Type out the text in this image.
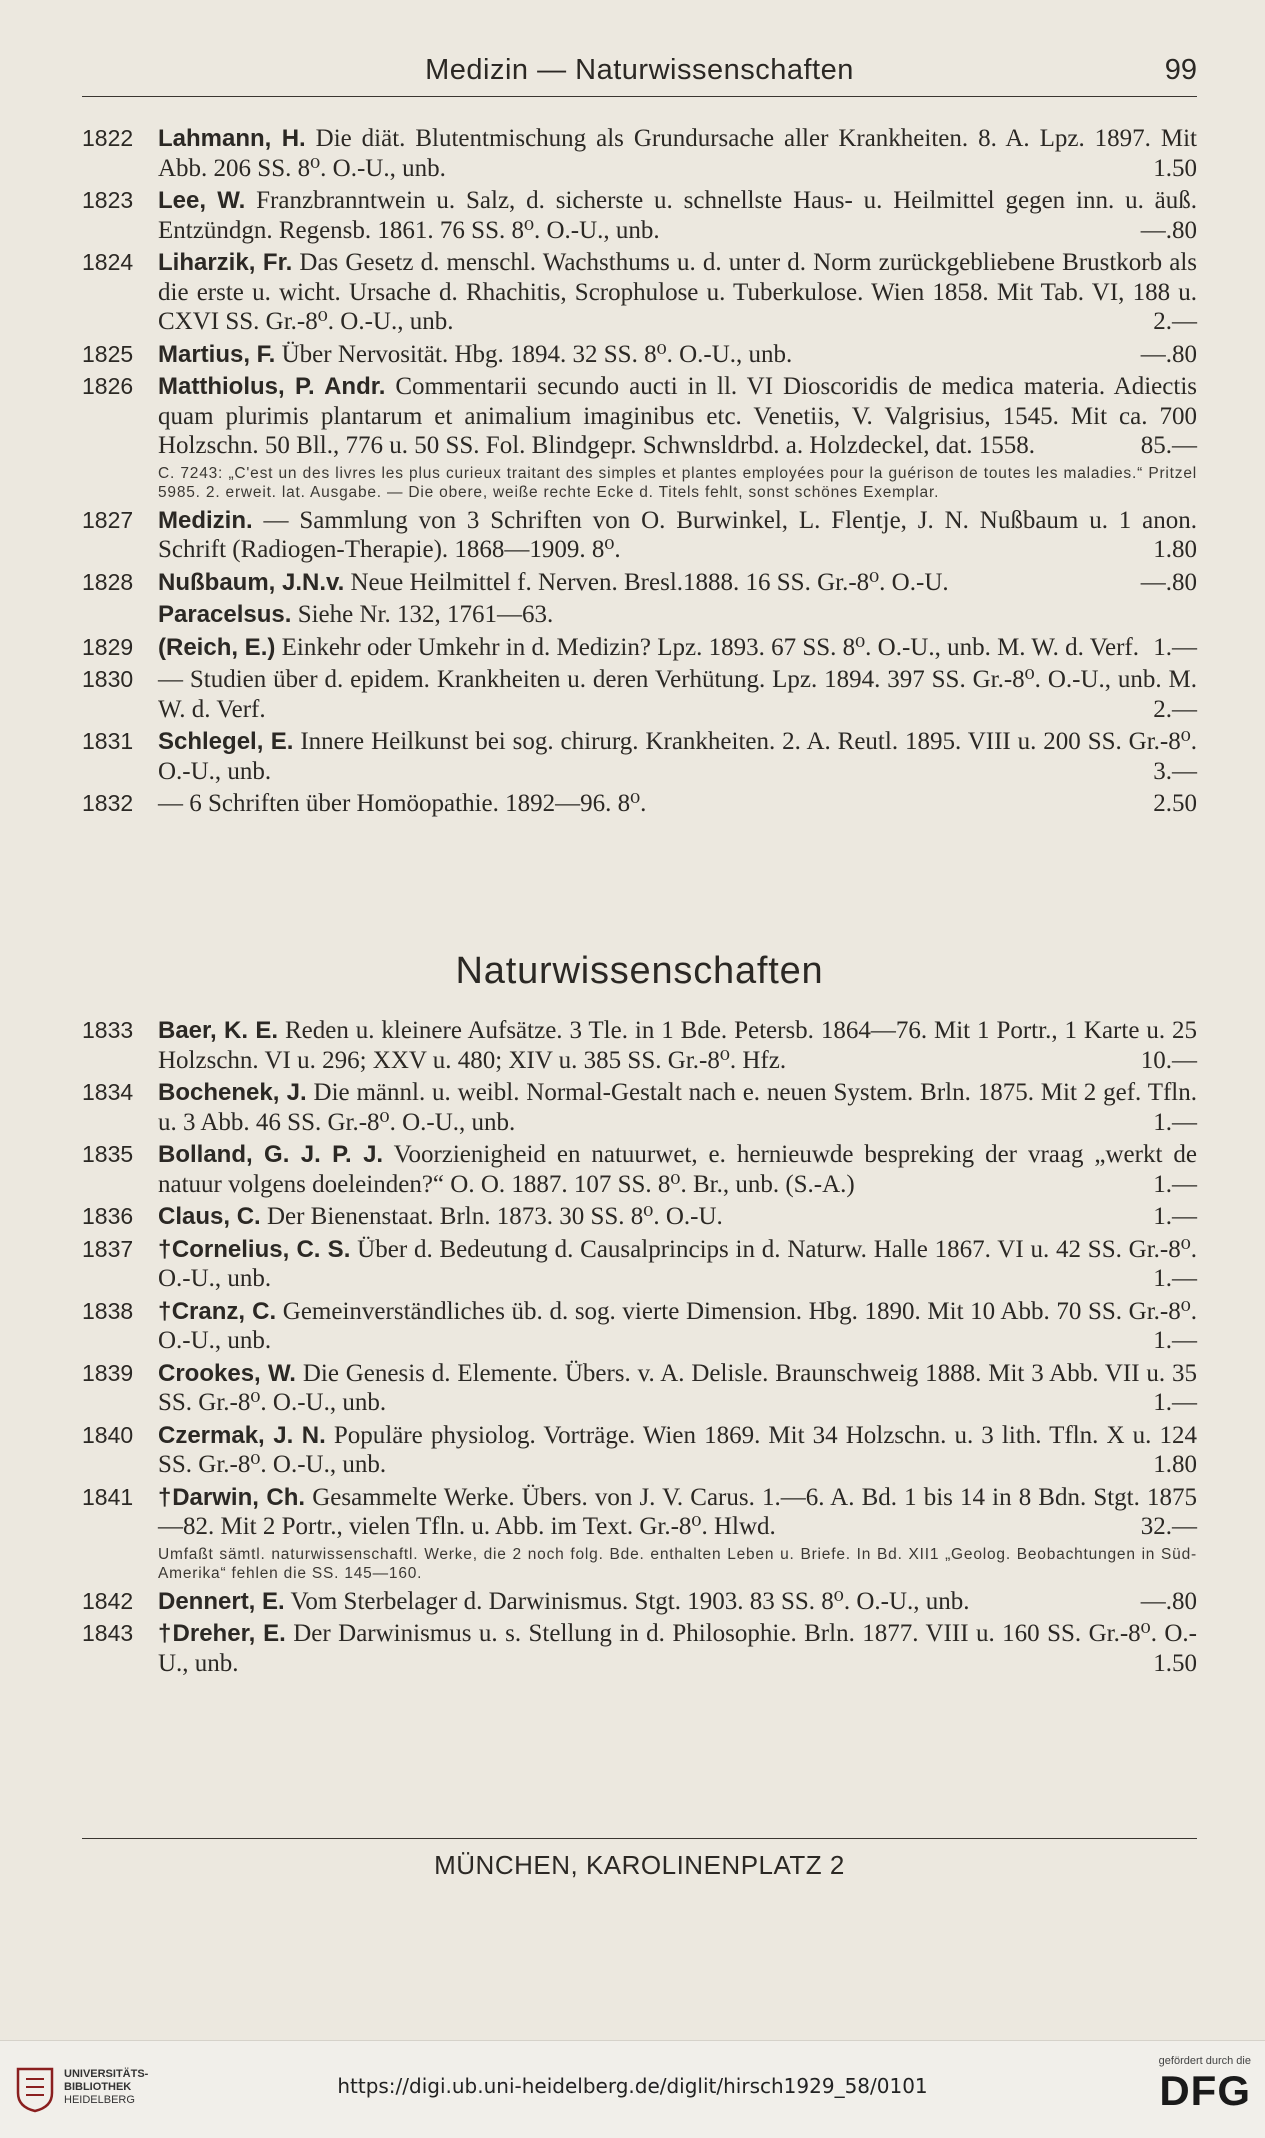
Medizin — Naturwissenschaften	99
1822 Lahmann, H. Die diät. Blutentmischung als Grundursache aller Krankheiten. 8. A. Lpz. 1897. Mit Abb. 206 SS. 8⁰. O.-U., unb.	1.50
1823 Lee, W. Franzbranntwein u. Salz, d. sicherste u. schnellste Haus- u. Heilmittel gegen inn. u. äuß. Entzündgn. Regensb. 1861. 76 SS. 8⁰. O.-U., unb.	—.80
1824 Liharzik, Fr. Das Gesetz d. menschl. Wachsthums u. d. unter d. Norm zurückgebliebene Brustkorb als die erste u. wicht. Ursache d. Rhachitis, Scrophulose u. Tuberkulose. Wien 1858. Mit Tab. VI, 188 u. CXVI SS. Gr.-8⁰. O.-U., unb.	2.—
1825 Martius, F. Über Nervosität. Hbg. 1894. 32 SS. 8⁰. O.-U., unb.	—.80
1826 Matthiolus, P. Andr. Commentarii secundo aucti in ll. VI Dioscoridis de medica materia. Adiectis quam plurimis plantarum et animalium imaginibus etc. Venetiis, V. Valgrisius, 1545. Mit ca. 700 Holzschn. 50 Bll., 776 u. 50 SS. Fol. Blindgepr. Schwnsldrbd. a. Holzdeckel, dat. 1558.	85.—
C. 7243: „C'est un des livres les plus curieux traitant des simples et plantes employées pour la guérison de toutes les maladies.“ Pritzel 5985. 2. erweit. lat. Ausgabe. — Die obere, weiße rechte Ecke d. Titels fehlt, sonst schönes Exemplar.
1827 Medizin. — Sammlung von 3 Schriften von O. Burwinkel, L. Flentje, J. N. Nußbaum u. 1 anon. Schrift (Radiogen-Therapie). 1868—1909. 8⁰.	1.80
1828 Nußbaum, J.N.v. Neue Heilmittel f. Nerven. Bresl.1888. 16 SS. Gr.-8⁰. O.-U.	—.80
Paracelsus. Siehe Nr. 132, 1761—63.
1829 (Reich, E.) Einkehr oder Umkehr in d. Medizin? Lpz. 1893. 67 SS. 8⁰. O.-U., unb. M. W. d. Verf. 1.—
1830 — Studien über d. epidem. Krankheiten u. deren Verhütung. Lpz. 1894. 397 SS. Gr.-8⁰. O.-U., unb. M. W. d. Verf.	2.—
1831 Schlegel, E. Innere Heilkunst bei sog. chirurg. Krankheiten. 2. A. Reutl. 1895. VIII u. 200 SS. Gr.-8⁰. O.-U., unb.	3.—
1832 — 6 Schriften über Homöopathie. 1892—96. 8⁰.	2.50
Naturwissenschaften
1833 Baer, K. E. Reden u. kleinere Aufsätze. 3 Tle. in 1 Bde. Petersb. 1864—76. Mit 1 Portr., 1 Karte u. 25 Holzschn. VI u. 296; XXV u. 480; XIV u. 385 SS. Gr.-8⁰. Hfz.	10.—
1834 Bochenek, J. Die männl. u. weibl. Normal-Gestalt nach e. neuen System. Brln. 1875. Mit 2 gef. Tfln. u. 3 Abb. 46 SS. Gr.-8⁰. O.-U., unb.	1.—
1835 Bolland, G. J. P. J. Voorzienigheid en natuurwet, e. hernieuwde bespreking der vraag „werkt de natuur volgens doeleinden?“ O. O. 1887. 107 SS. 8⁰. Br., unb. (S.-A.)	1.—
1836 Claus, C. Der Bienenstaat. Brln. 1873. 30 SS. 8⁰. O.-U.	1.—
1837 †Cornelius, C. S. Über d. Bedeutung d. Causalprincips in d. Naturw. Halle 1867. VI u. 42 SS. Gr.-8⁰. O.-U., unb.	1.—
1838 †Cranz, C. Gemeinverständliches üb. d. sog. vierte Dimension. Hbg. 1890. Mit 10 Abb. 70 SS. Gr.-8⁰. O.-U., unb.	1.—
1839 Crookes, W. Die Genesis d. Elemente. Übers. v. A. Delisle. Braunschweig 1888. Mit 3 Abb. VII u. 35 SS. Gr.-8⁰. O.-U., unb.	1.—
1840 Czermak, J. N. Populäre physiolog. Vorträge. Wien 1869. Mit 34 Holzschn. u. 3 lith. Tfln. X u. 124 SS. Gr.-8⁰. O.-U., unb.	1.80
1841 †Darwin, Ch. Gesammelte Werke. Übers. von J. V. Carus. 1.—6. A. Bd. 1 bis 14 in 8 Bdn. Stgt. 1875—82. Mit 2 Portr., vielen Tfln. u. Abb. im Text. Gr.-8⁰. Hlwd.	32.—
Umfaßt sämtl. naturwissenschaftl. Werke, die 2 noch folg. Bde. enthalten Leben u. Briefe. In Bd. XII1 „Geolog. Beobachtungen in Süd-Amerika“ fehlen die SS. 145—160.
1842 Dennert, E. Vom Sterbelager d. Darwinismus. Stgt. 1903. 83 SS. 8⁰. O.-U., unb.	—.80
1843 †Dreher, E. Der Darwinismus u. s. Stellung in d. Philosophie. Brln. 1877. VIII u. 160 SS. Gr.-8⁰. O.-U., unb.	1.50
MÜNCHEN, KAROLINENPLATZ 2
UNIVERSITÄTS-
BIBLIOTHEK
HEIDELBERG
https://digi.ub.uni-heidelberg.de/diglit/hirsch1929_58/0101
gefördert durch die
DFG
